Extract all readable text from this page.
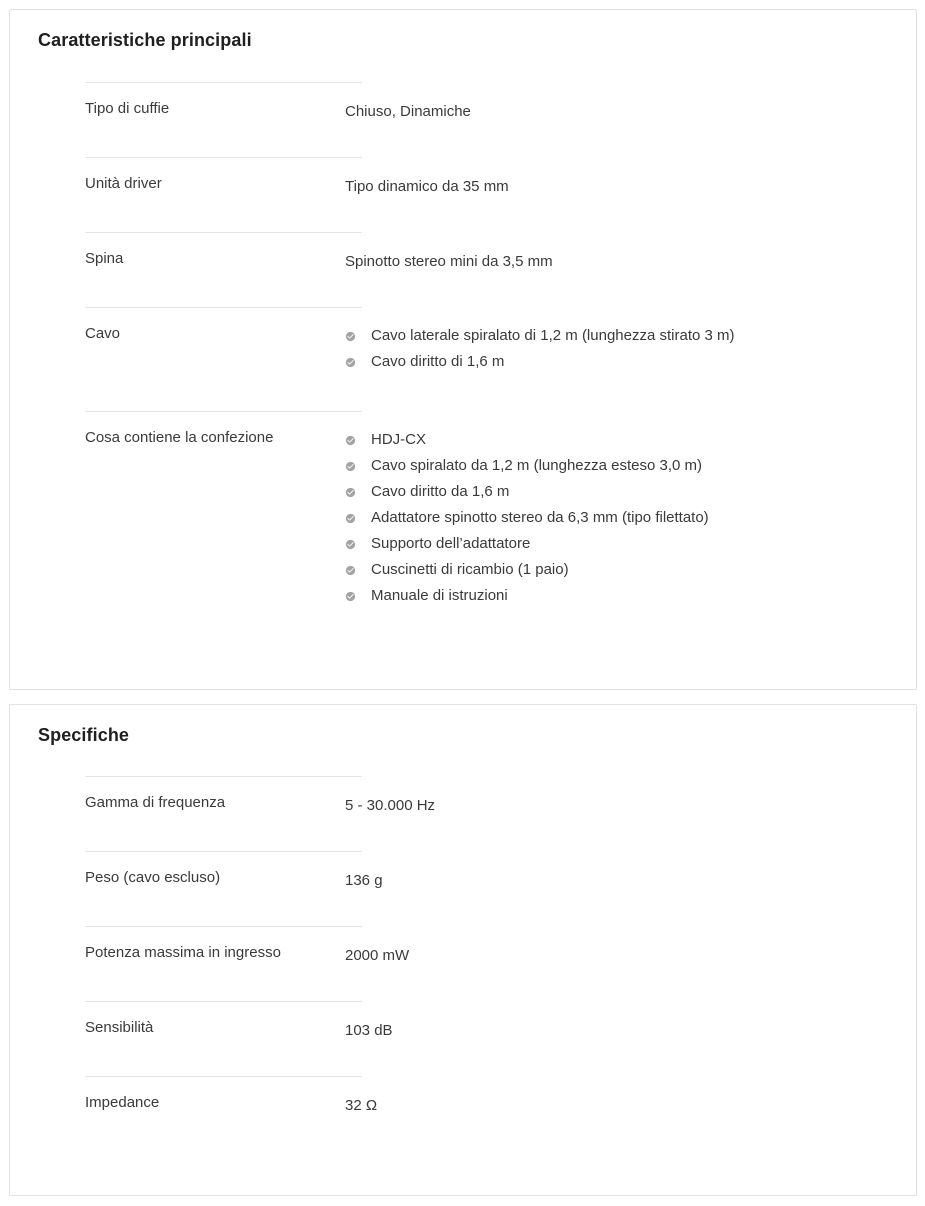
Caratteristiche principali
Tipo di cuffie	Chiuso, Dinamiche
Unità driver	Tipo dinamico da 35 mm
Spina	Spinotto stereo mini da 3,5 mm
Cavo	Cavo laterale spiralato di 1,2 m (lunghezza stirato 3 m)
Cavo diritto di 1,6 m
Cosa contiene la confezione	HDJ-CX
Cavo spiralato da 1,2 m (lunghezza esteso 3,0 m)
Cavo diritto da 1,6 m
Adattatore spinotto stereo da 6,3 mm (tipo filettato)
Supporto dell’adattatore
Cuscinetti di ricambio (1 paio)
Manuale di istruzioni
Specifiche
Gamma di frequenza	5 - 30.000 Hz
Peso (cavo escluso)	136 g
Potenza massima in ingresso	2000 mW
Sensibilità	103 dB
Impedance	32 Ω
